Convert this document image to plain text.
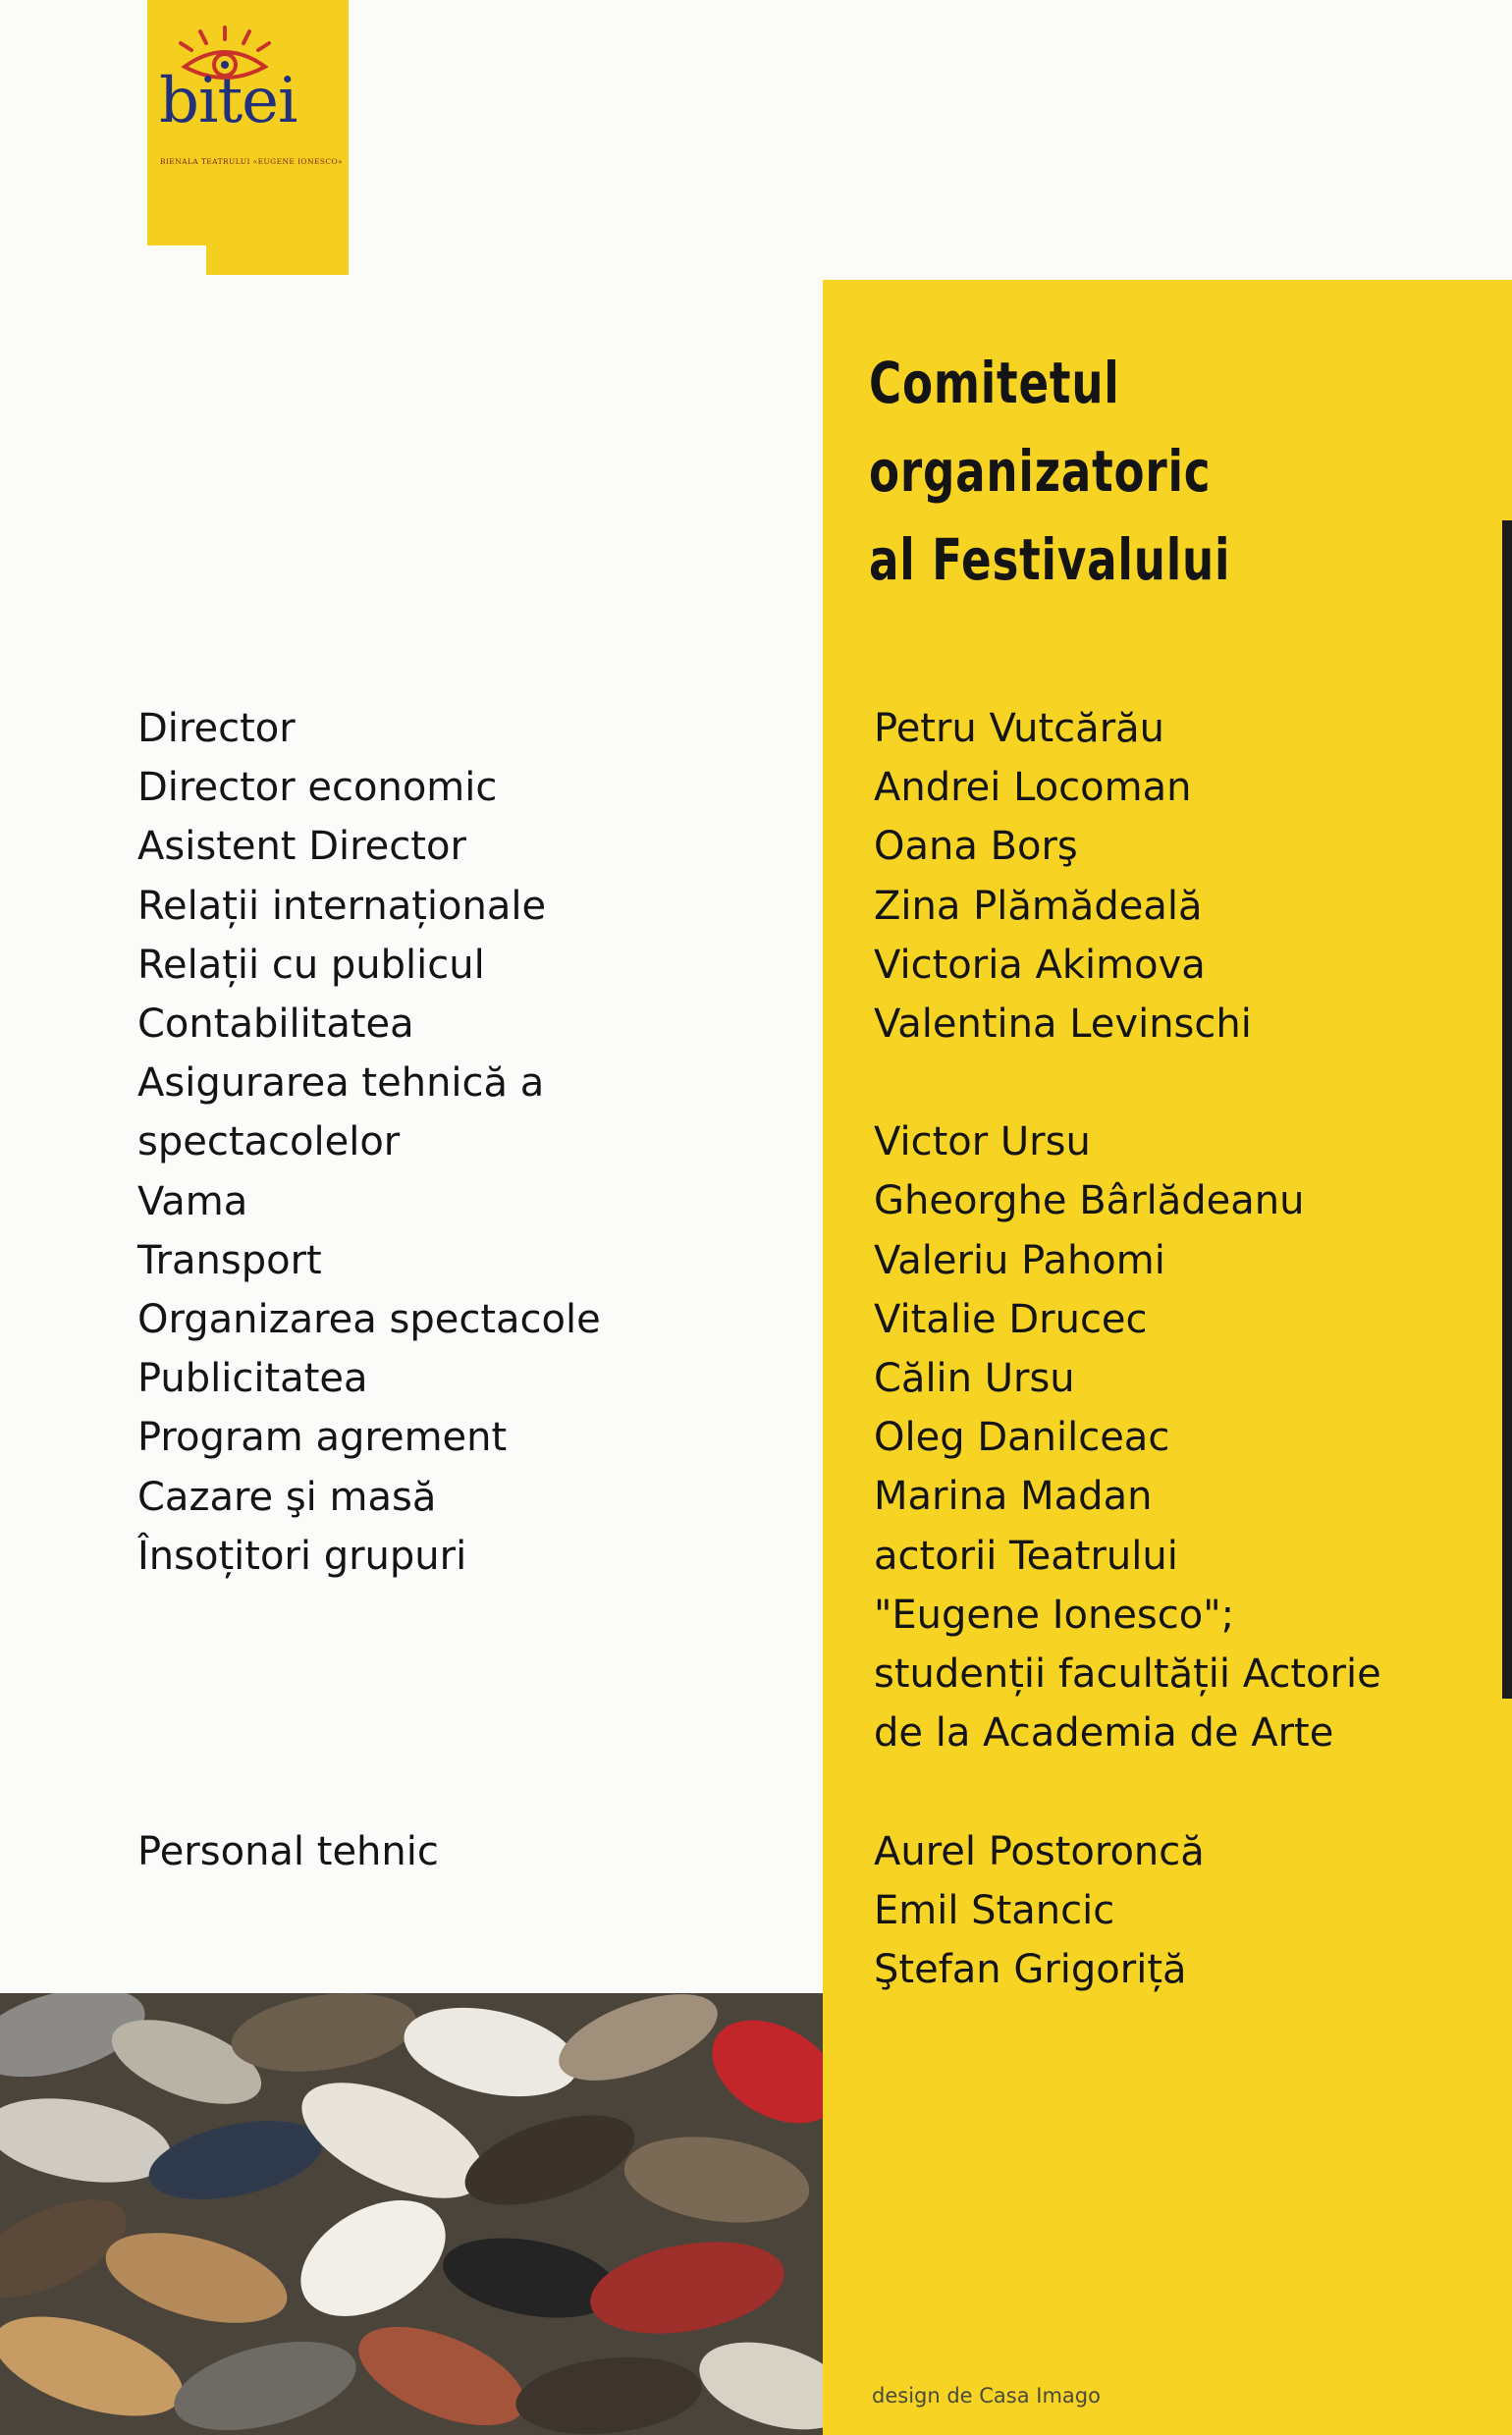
bitei
BIENALA TEATRULUI «EUGENE IONESCO»
Comitetul
organizatoric
al Festivalului
Director
Director economic
Asistent Director
Relații internaționale
Relații cu publicul
Contabilitatea
Asigurarea tehnică a
spectacolelor
Vama
Transport
Organizarea spectacole
Publicitatea
Program agrement
Cazare şi masă
Însoțitori grupuri
Personal tehnic
Petru Vutcărău
Andrei Locoman
Oana Borş
Zina Plămădeală
Victoria Akimova
Valentina Levinschi
Victor Ursu
Gheorghe Bârlădeanu
Valeriu Pahomi
Vitalie Drucec
Călin Ursu
Oleg Danilceac
Marina Madan
actorii Teatrului
"Eugene Ionesco";
studenții facultății Actorie
de la Academia de Arte
Aurel Postoroncă
Emil Stancic
Ştefan Grigoriță
design de Casa Imago
